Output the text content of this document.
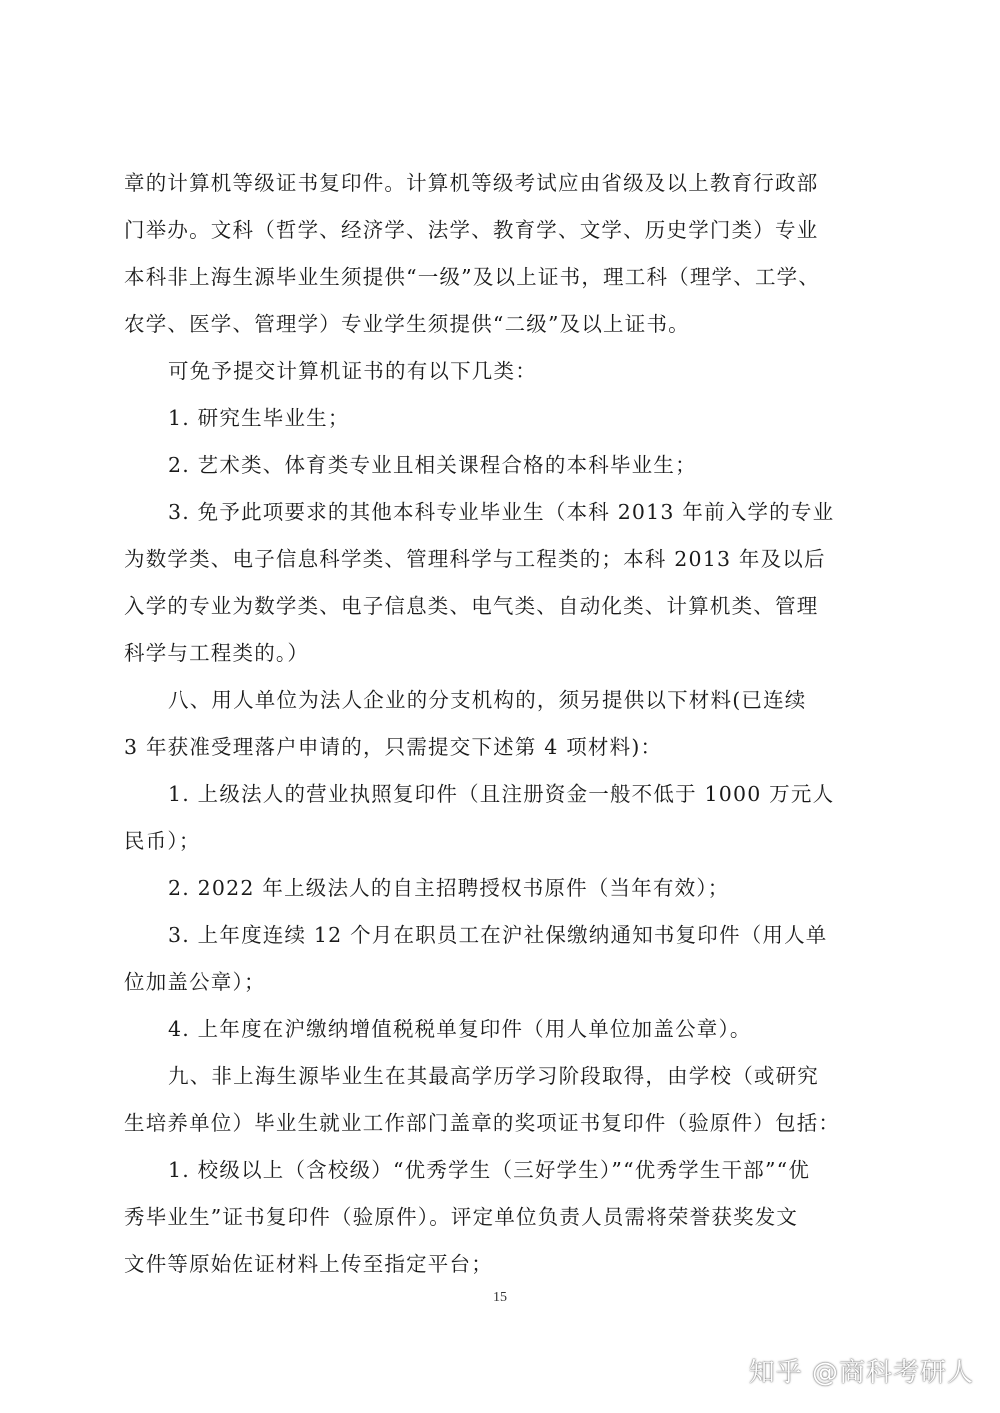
章的计算机等级证书复印件。计算机等级考试应由省级及以上教育行政部
门举办。文科（哲学、经济学、法学、教育学、文学、历史学门类）专业
本科非上海生源毕业生须提供“一级”及以上证书，理工科（理学、工学、
农学、医学、管理学）专业学生须提供“二级”及以上证书。
可免予提交计算机证书的有以下几类：
1. 研究生毕业生；
2. 艺术类、体育类专业且相关课程合格的本科毕业生；
3. 免予此项要求的其他本科专业毕业生（本科 2013 年前入学的专业
为数学类、电子信息科学类、管理科学与工程类的；本科 2013 年及以后
入学的专业为数学类、电子信息类、电气类、自动化类、计算机类、管理
科学与工程类的。）
八、用人单位为法人企业的分支机构的，须另提供以下材料(已连续
3 年获准受理落户申请的，只需提交下述第 4 项材料)：
1. 上级法人的营业执照复印件（且注册资金一般不低于 1000 万元人
民币）；
2. 2022 年上级法人的自主招聘授权书原件（当年有效）；
3. 上年度连续 12 个月在职员工在沪社保缴纳通知书复印件（用人单
位加盖公章）；
4. 上年度在沪缴纳增值税税单复印件（用人单位加盖公章）。
九、非上海生源毕业生在其最高学历学习阶段取得，由学校（或研究
生培养单位）毕业生就业工作部门盖章的奖项证书复印件（验原件）包括：
1. 校级以上（含校级）“优秀学生（三好学生）”“优秀学生干部”“优
秀毕业生”证书复印件（验原件）。评定单位负责人员需将荣誉获奖发文
文件等原始佐证材料上传至指定平台；
15
知乎 @商科考研人
